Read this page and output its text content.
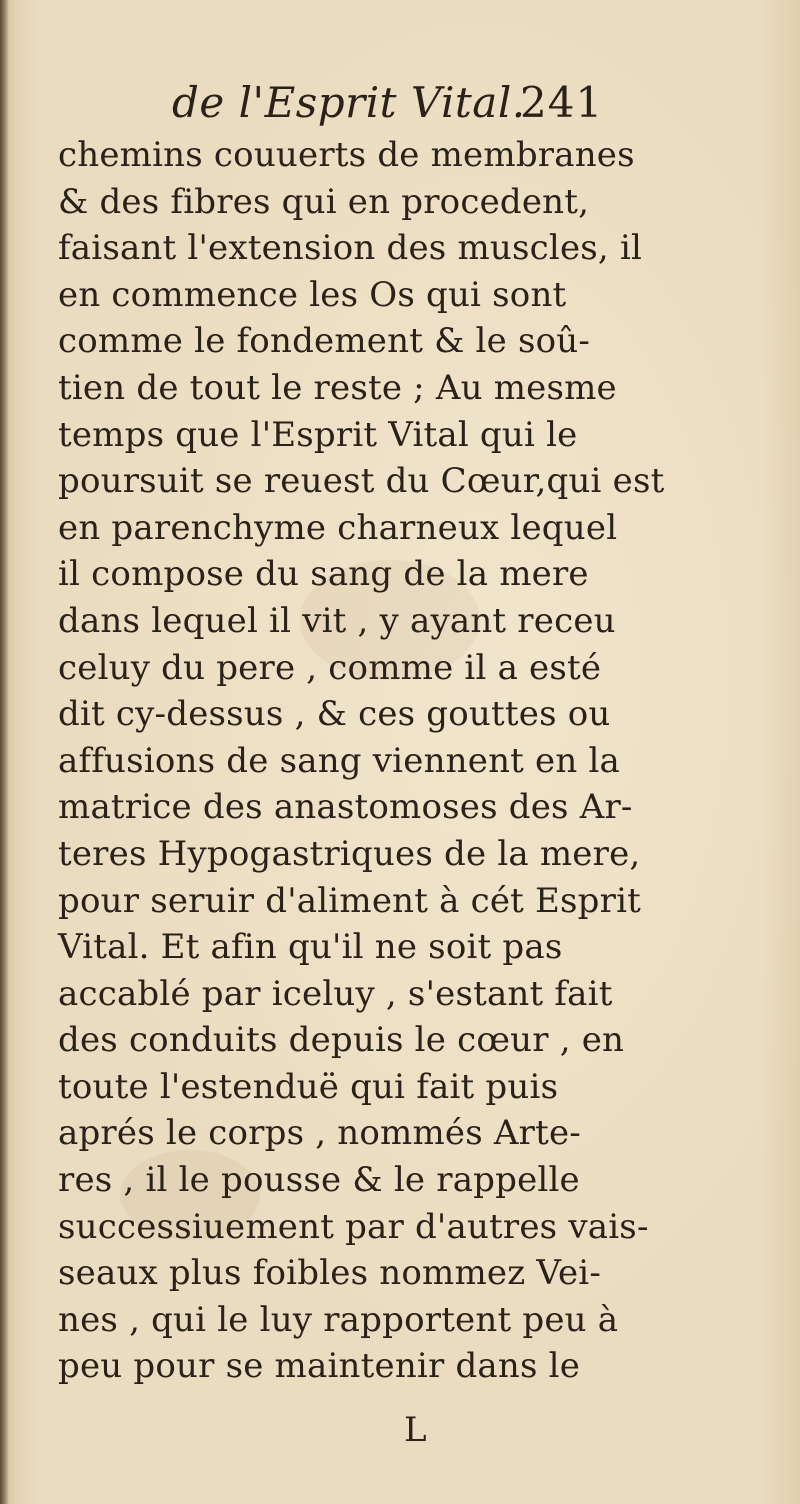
de l'Esprit Vital.
241
chemins couuerts de membranes
& des fibres qui en procedent,
faisant l'extension des muscles, il
en commence les Os qui sont
comme le fondement & le soû-
tien de tout le reste ; Au mesme
temps que l'Esprit Vital qui le
poursuit se reuest du Cœur,qui est
en parenchyme charneux lequel
il compose du sang de la mere
dans lequel il vit , y ayant receu
celuy du pere , comme il a esté
dit cy-dessus , & ces gouttes ou
affusions de sang viennent en la
matrice des anastomoses des Ar-
teres Hypogastriques de la mere,
pour seruir d'aliment à cét Esprit
Vital. Et afin qu'il ne soit pas
accablé par iceluy , s'estant fait
des conduits depuis le cœur , en
toute l'estenduë qui fait puis
aprés le corps , nommés Arte-
res , il le pousse & le rappelle
successiuement par d'autres vais-
seaux plus foibles nommez Vei-
nes , qui le luy rapportent peu à
peu pour se maintenir dans le
L
